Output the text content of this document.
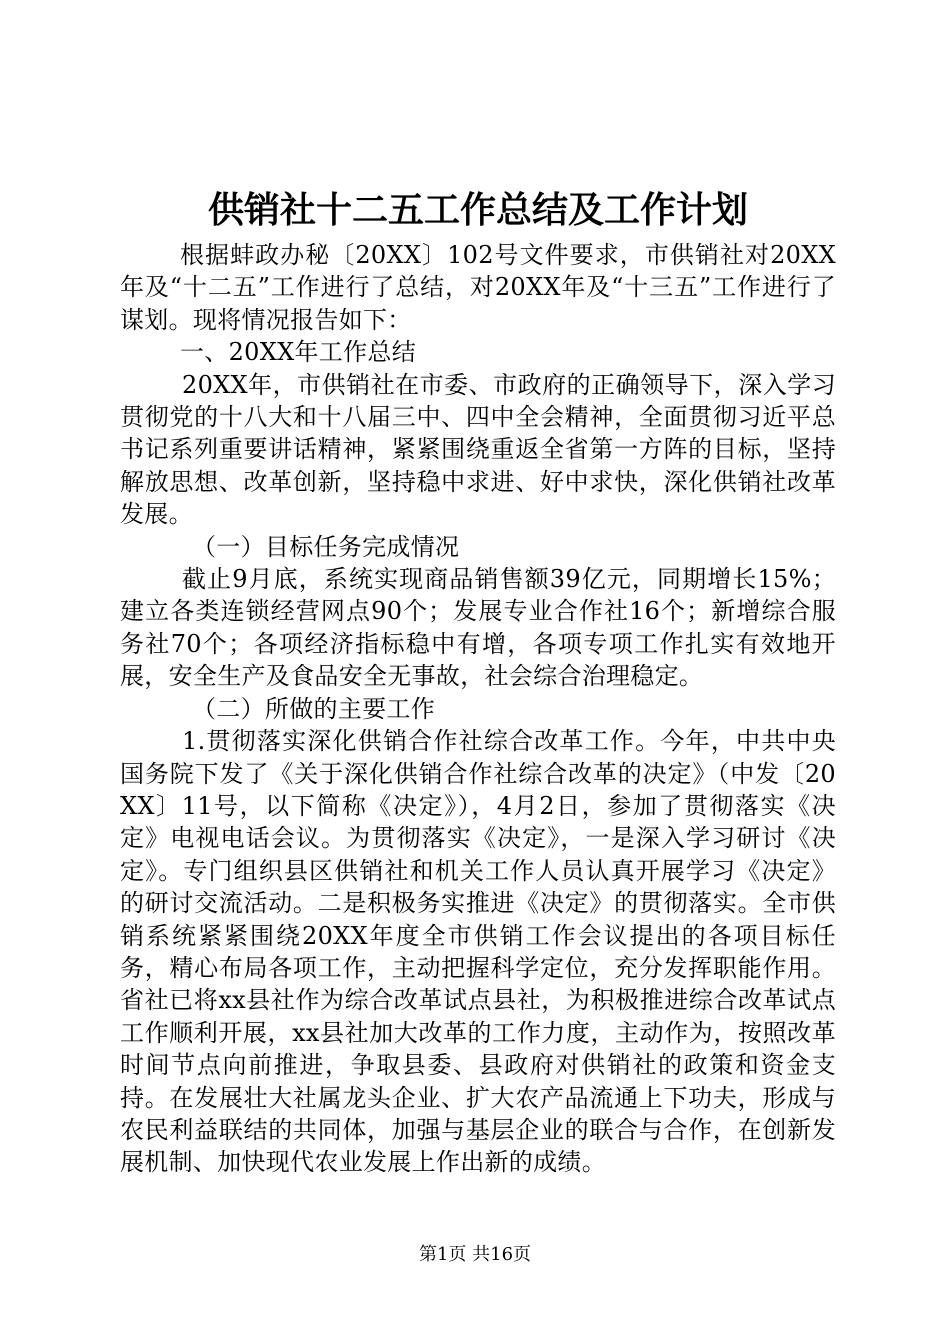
供销社十二五工作总结及工作计划

根据蚌政办秘〔20XX〕102号文件要求，市供销社对20XX年及“十二五”工作进行了总结，对20XX年及“十三五”工作进行了谋划。现将情况报告如下：

一、20XX年工作总结

20XX年，市供销社在市委、市政府的正确领导下，深入学习贯彻党的十八大和十八届三中、四中全会精神，全面贯彻习近平总书记系列重要讲话精神，紧紧围绕重返全省第一方阵的目标，坚持解放思想、改革创新，坚持稳中求进、好中求快，深化供销社改革发展。

（一）目标任务完成情况

截止9月底，系统实现商品销售额39亿元，同期增长15%；建立各类连锁经营网点90个；发展专业合作社16个；新增综合服务社70个；各项经济指标稳中有增，各项专项工作扎实有效地开展，安全生产及食品安全无事故，社会综合治理稳定。

（二）所做的主要工作

1.贯彻落实深化供销合作社综合改革工作。今年，中共中央国务院下发了《关于深化供销合作社综合改革的决定》（中发〔20XX〕11号，以下简称《决定》），4月2日，参加了贯彻落实《决定》电视电话会议。为贯彻落实《决定》，一是深入学习研讨《决定》。专门组织县区供销社和机关工作人员认真开展学习《决定》的研讨交流活动。二是积极务实推进《决定》的贯彻落实。全市供销系统紧紧围绕20XX年度全市供销工作会议提出的各项目标任务，精心布局各项工作，主动把握科学定位，充分发挥职能作用。省社已将xx县社作为综合改革试点县社，为积极推进综合改革试点工作顺利开展，xx县社加大改革的工作力度，主动作为，按照改革时间节点向前推进，争取县委、县政府对供销社的政策和资金支持。在发展壮大社属龙头企业、扩大农产品流通上下功夫，形成与农民利益联结的共同体，加强与基层企业的联合与合作，在创新发展机制、加快现代农业发展上作出新的成绩。

第1页 共16页
